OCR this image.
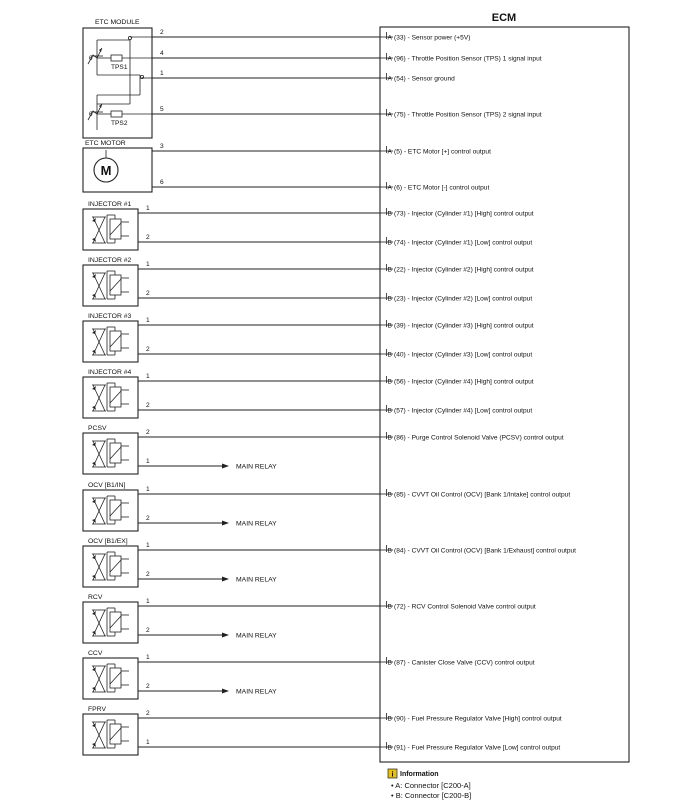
ECM
ETC MODULE
θ
TPS1
θ
TPS2
ETC MOTOR
M
2
A (33) - Sensor power (+5V)
4
A (96) - Throttle Position Sensor (TPS) 1 signal input
1
A (54) - Sensor ground
5
A (75) - Throttle Position Sensor (TPS) 2 signal input
3
A (5) - ETC Motor [+] control output
6
A (6) - ETC Motor [-] control output
INJECTOR #1
1
B (73) - Injector (Cylinder #1) [High] control output
2
B (74) - Injector (Cylinder #1) [Low] control output
INJECTOR #2
1
B (22) - Injector (Cylinder #2) [High] control output
2
B (23) - Injector (Cylinder #2) [Low] control output
INJECTOR #3
1
B (39) - Injector (Cylinder #3) [High] control output
2
B (40) - Injector (Cylinder #3) [Low] control output
INJECTOR #4
1
B (56) - Injector (Cylinder #4) [High] control output
2
B (57) - Injector (Cylinder #4) [Low] control output
PCSV
2
B (86) - Purge Control Solenoid Valve (PCSV) control output
MAIN RELAY
1
OCV [B1/IN]
1
B (85) - CVVT Oil Control (OCV) [Bank 1/Intake] control output
MAIN RELAY
2
OCV [B1/EX]
1
B (84) - CVVT Oil Control (OCV) [Bank 1/Exhaust] control output
MAIN RELAY
2
RCV
1
B (72) - RCV Control Solenoid Valve control output
MAIN RELAY
2
CCV
1
B (87) - Canister Close Valve (CCV) control output
MAIN RELAY
2
FPRV
2
B (90) - Fuel Pressure Regulator Valve [High] control output
1
B (91) - Fuel Pressure Regulator Valve [Low] control output
i Information
• A: Connector [C200-A]
• B: Connector [C200-B]
